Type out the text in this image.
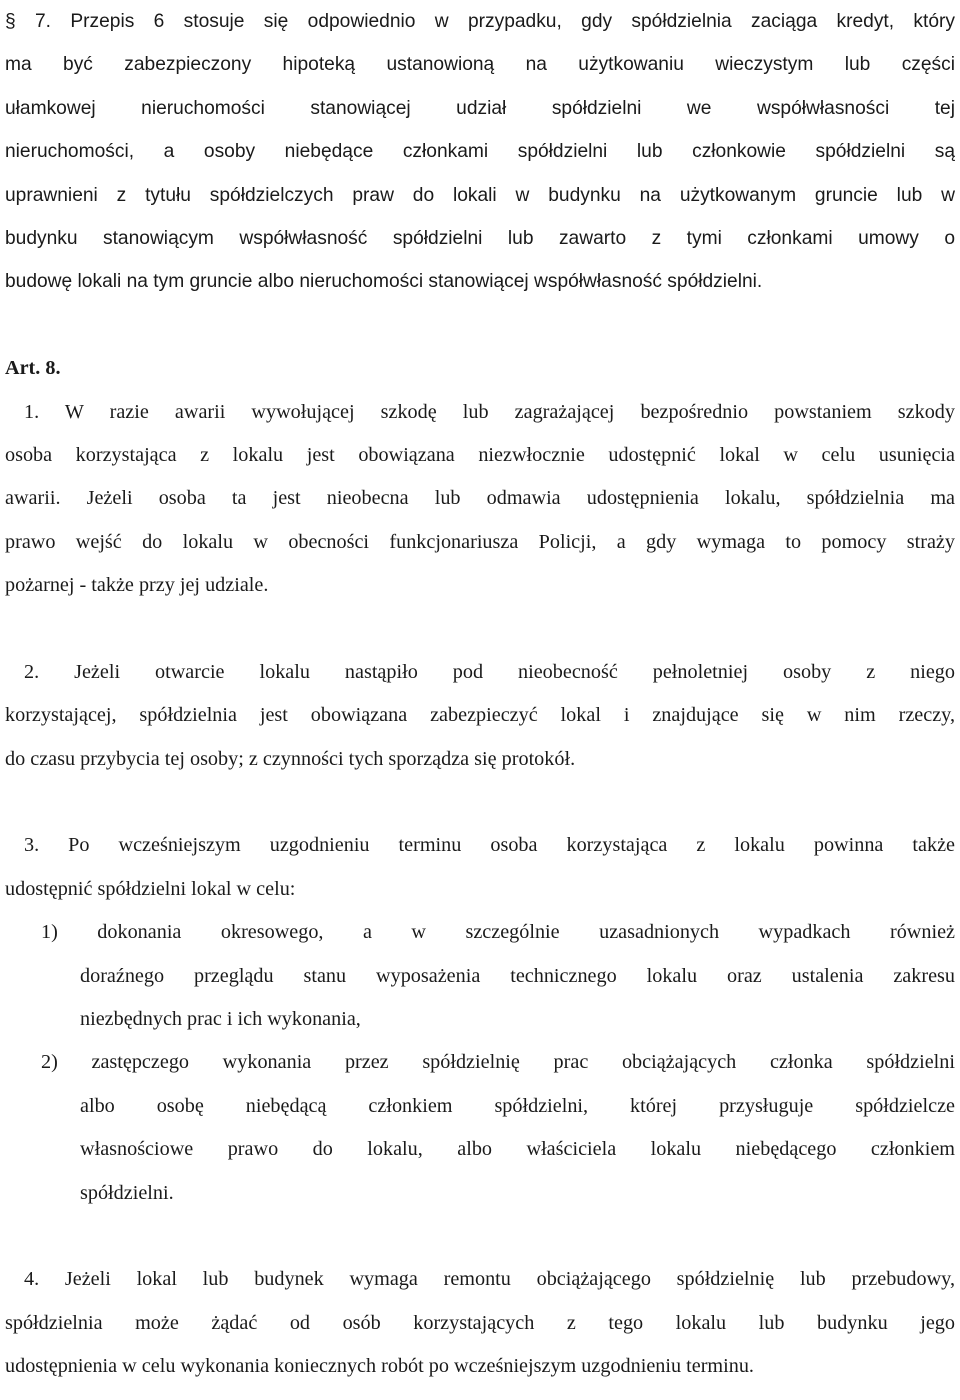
§ 7. Przepis 6 stosuje się odpowiednio w przypadku, gdy spółdzielnia zaciąga kredyt, który
ma być zabezpieczony hipoteką ustanowioną na użytkowaniu wieczystym lub części
ułamkowej nieruchomości stanowiącej udział spółdzielni we współwłasności tej
nieruchomości, a osoby niebędące członkami spółdzielni lub członkowie spółdzielni są
uprawnieni z tytułu spółdzielczych praw do lokali w budynku na użytkowanym gruncie lub w
budynku stanowiącym współwłasność spółdzielni lub zawarto z tymi członkami umowy o
budowę lokali na tym gruncie albo nieruchomości stanowiącej współwłasność spółdzielni.
Art. 8.
1. W razie awarii wywołującej szkodę lub zagrażającej bezpośrednio powstaniem szkody
osoba korzystająca z lokalu jest obowiązana niezwłocznie udostępnić lokal w celu usunięcia
awarii. Jeżeli osoba ta jest nieobecna lub odmawia udostępnienia lokalu, spółdzielnia ma
prawo wejść do lokalu w obecności funkcjonariusza Policji, a gdy wymaga to pomocy straży
pożarnej - także przy jej udziale.
2. Jeżeli otwarcie lokalu nastąpiło pod nieobecność pełnoletniej osoby z niego
korzystającej, spółdzielnia jest obowiązana zabezpieczyć lokal i znajdujące się w nim rzeczy,
do czasu przybycia tej osoby; z czynności tych sporządza się protokół.
3. Po wcześniejszym uzgodnieniu terminu osoba korzystająca z lokalu powinna także
udostępnić spółdzielni lokal w celu:
1) dokonania okresowego, a w szczególnie uzasadnionych wypadkach również
doraźnego przeglądu stanu wyposażenia technicznego lokalu oraz ustalenia zakresu
niezbędnych prac i ich wykonania,
2) zastępczego wykonania przez spółdzielnię prac obciążających członka spółdzielni
albo osobę niebędącą członkiem spółdzielni, której przysługuje spółdzielcze
własnościowe prawo do lokalu, albo właściciela lokalu niebędącego członkiem
spółdzielni.
4. Jeżeli lokal lub budynek wymaga remontu obciążającego spółdzielnię lub przebudowy,
spółdzielnia może żądać od osób korzystających z tego lokalu lub budynku jego
udostępnienia w celu wykonania koniecznych robót po wcześniejszym uzgodnieniu terminu.
